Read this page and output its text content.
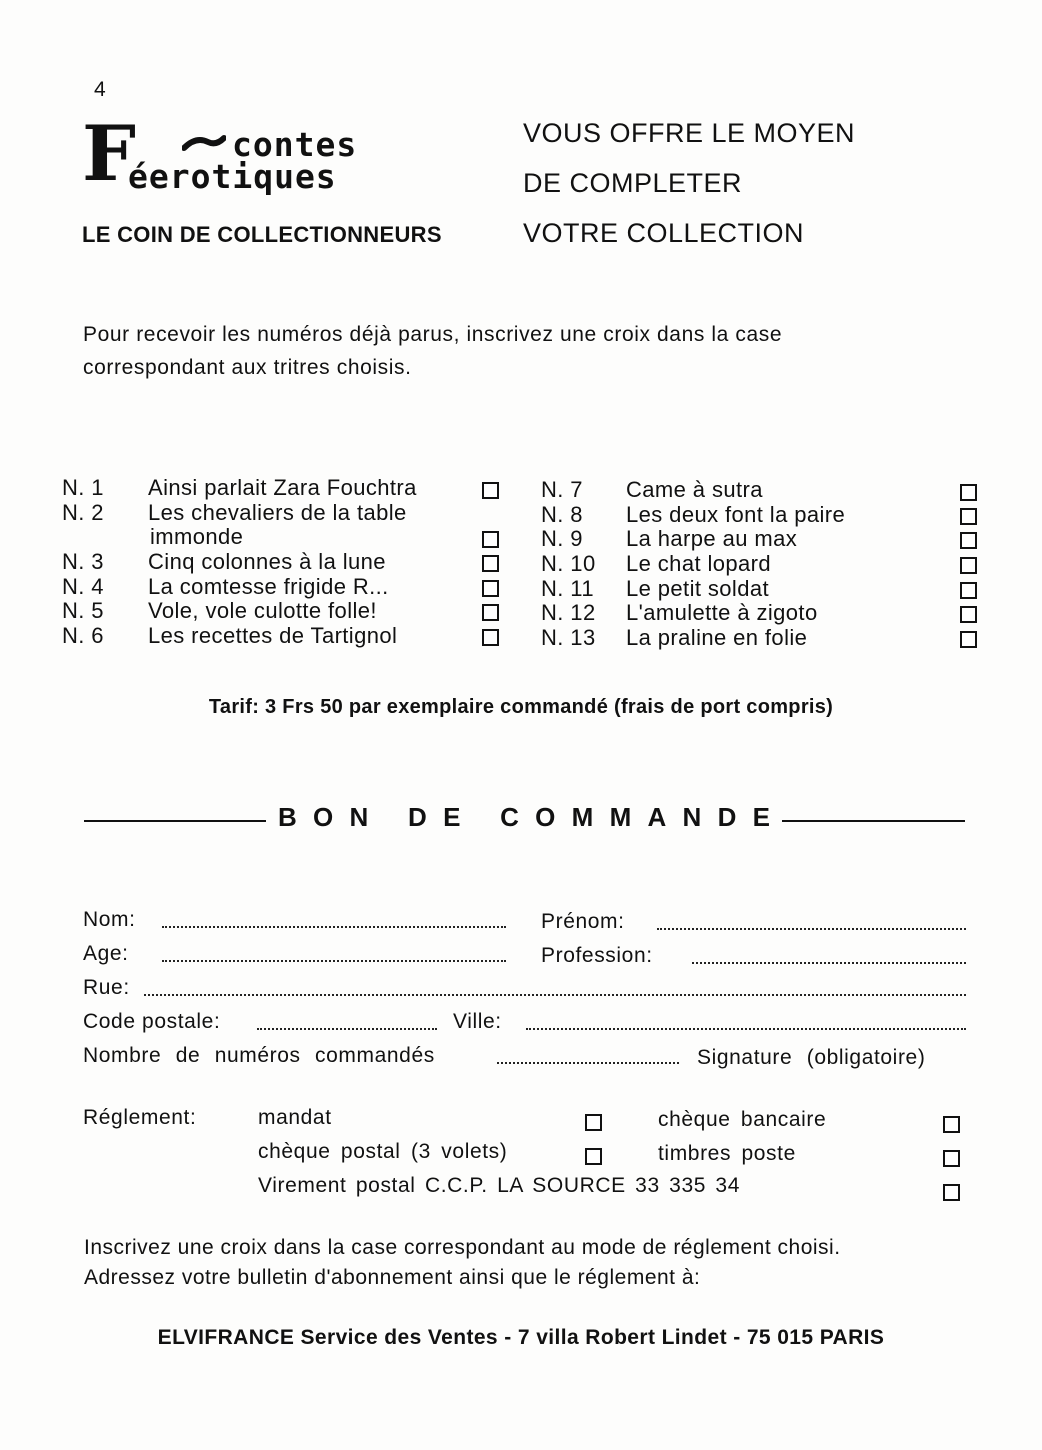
4
F	contes
éerotiques
LE COIN DE COLLECTIONNEURS
VOUS OFFRE LE MOYEN
DE COMPLETER
VOTRE COLLECTION
Pour recevoir les numéros déjà parus, inscrivez une croix dans la case
correspondant aux tritres choisis.
N. 1 Ainsi parlait Zara Fouchtra
N. 2 Les chevaliers de la table
immonde
N. 3 Cinq colonnes à la lune
N. 4 La comtesse frigide R...
N. 5 Vole, vole culotte folle!
N. 6 Les recettes de Tartignol
N. 7 Came à sutra
N. 8 Les deux font la paire
N. 9 La harpe au max
N. 10 Le chat lopard
N. 11 Le petit soldat
N. 12 L'amulette à zigoto
N. 13 La praline en folie
Tarif: 3 Frs 50 par exemplaire commandé (frais de port compris)
B O N
D E
C O M M A N D E
Nom:	Prénom:
Age:	Profession:
Rue:
Code postale:	Ville:
Nombre de numéros commandés	Signature (obligatoire)
Réglement:	mandat	chèque bancaire
chèque postal (3 volets)	timbres poste
Virement postal C.C.P. LA SOURCE 33 335 34
Inscrivez une croix dans la case correspondant au mode de réglement choisi.
Adressez votre bulletin d'abonnement ainsi que le réglement à:
ELVIFRANCE Service des Ventes - 7 villa Robert Lindet - 75 015 PARIS
